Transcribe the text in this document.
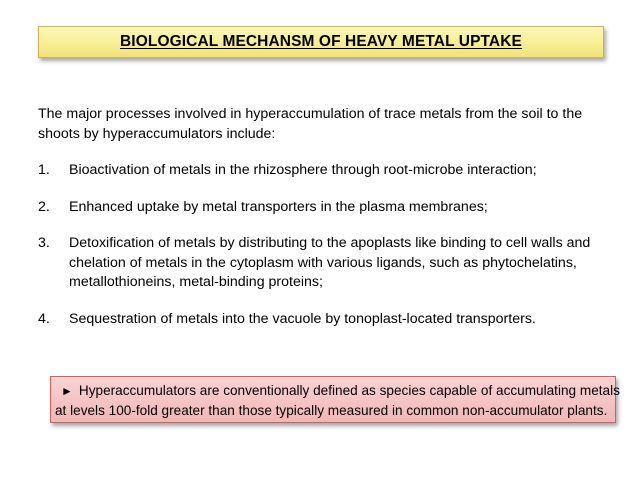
BIOLOGICAL MECHANSM OF HEAVY METAL UPTAKE

The major processes involved in hyperaccumulation of trace metals from the soil to the shoots by hyperaccumulators include:

1. Bioactivation of metals in the rhizosphere through root-microbe interaction;
2. Enhanced uptake by metal transporters in the plasma membranes;
3. Detoxification of metals by distributing to the apoplasts like binding to cell walls and chelation of metals in the cytoplasm with various ligands, such as phytochelatins, metallothioneins, metal-binding proteins;
4. Sequestration of metals into the vacuole by tonoplast-located transporters.
► Hyperaccumulators are conventionally defined as species capable of accumulating metals
at levels 100-fold greater than those typically measured in common non-accumulator plants.
